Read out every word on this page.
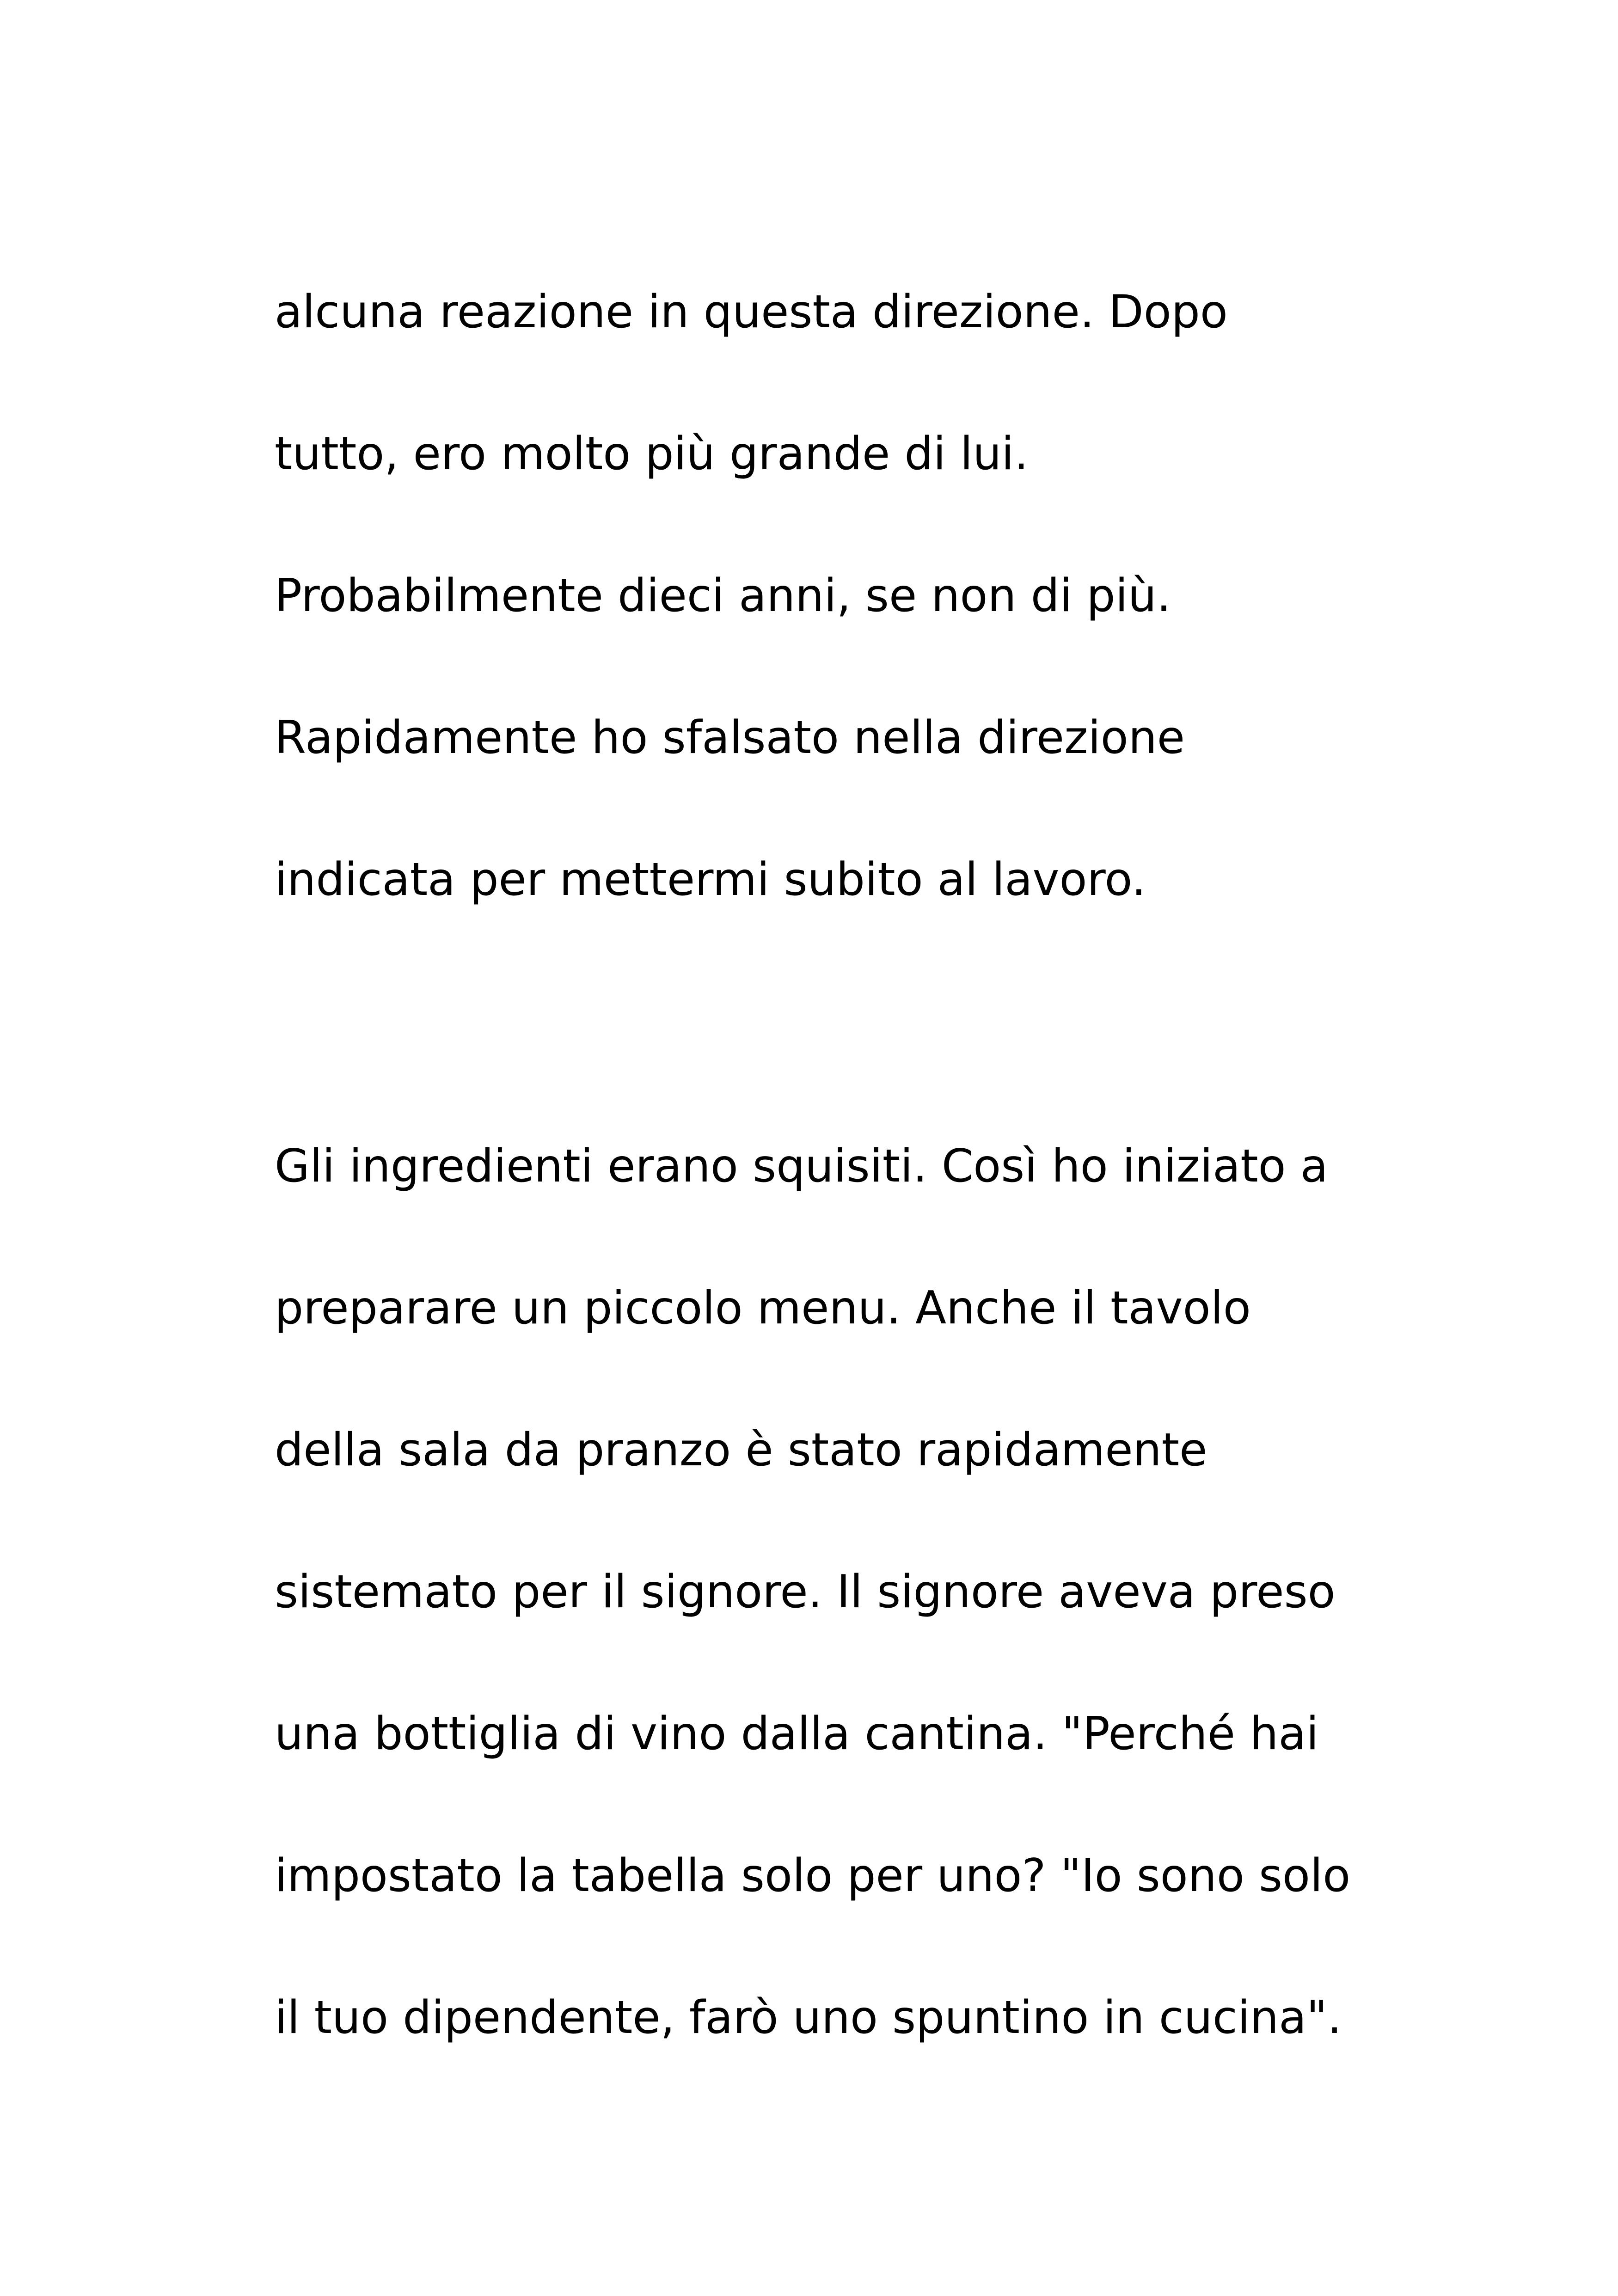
alcuna reazione in questa direzione. Dopo
tutto, ero molto più grande di lui.
Probabilmente dieci anni, se non di più.
Rapidamente ho sfalsato nella direzione
indicata per mettermi subito al lavoro.
Gli ingredienti erano squisiti. Così ho iniziato a
preparare un piccolo menu. Anche il tavolo
della sala da pranzo è stato rapidamente
sistemato per il signore. Il signore aveva preso
una bottiglia di vino dalla cantina. "Perché hai
impostato la tabella solo per uno? "Io sono solo
il tuo dipendente, farò uno spuntino in cucina".
